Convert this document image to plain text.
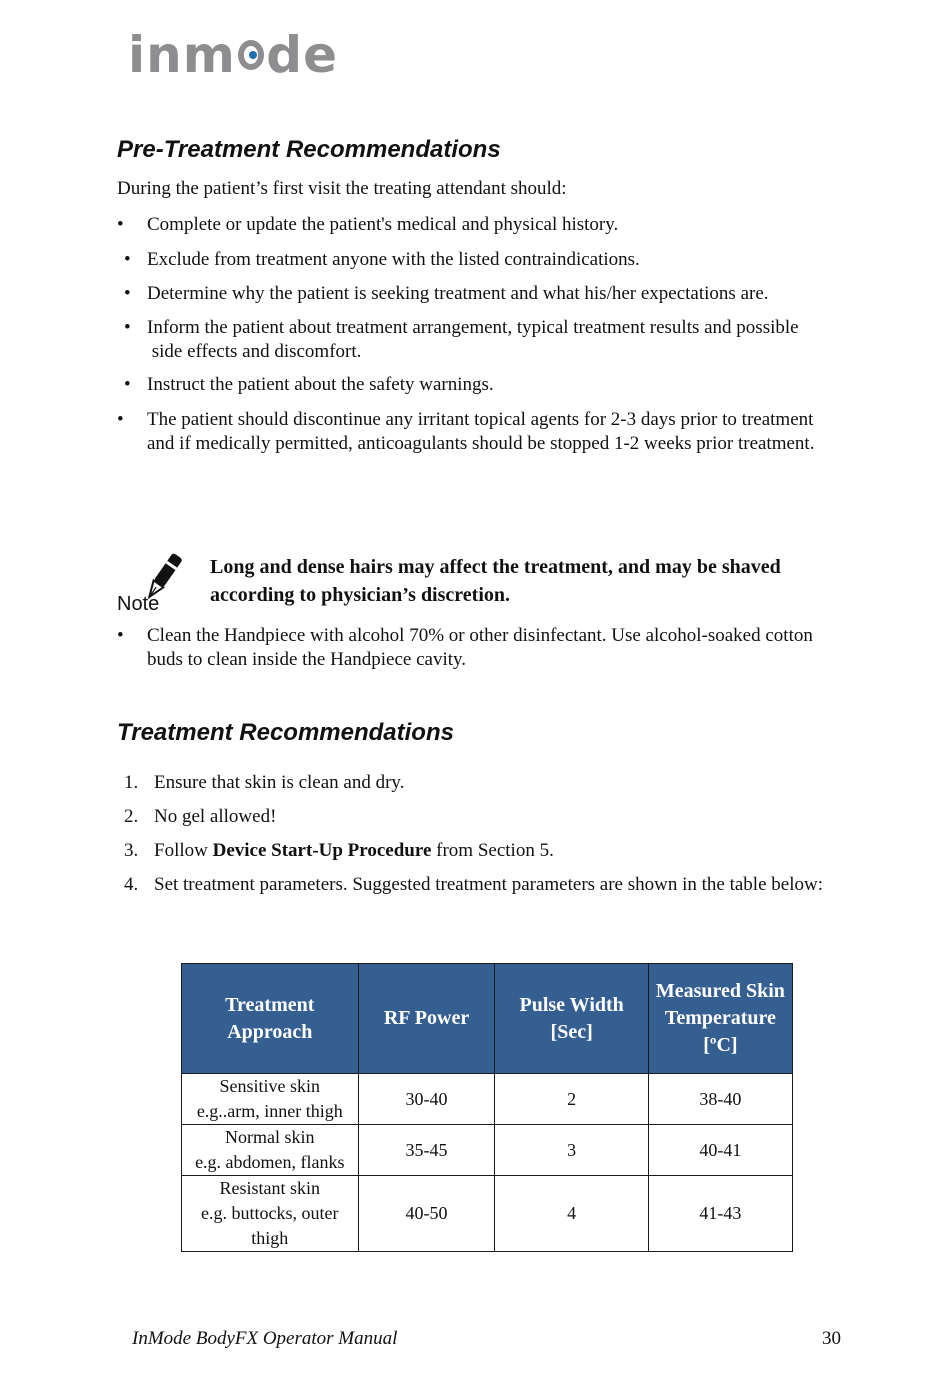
inm de
Pre-Treatment Recommendations

During the patient’s first visit the treating attendant should:

• Complete or update the patient's medical and physical history.
• Exclude from treatment anyone with the listed contraindications.
• Determine why the patient is seeking treatment and what his/her expectations are.
• Inform the patient about treatment arrangement, typical treatment results and possible
side effects and discomfort.
• Instruct the patient about the safety warnings.
• The patient should discontinue any irritant topical agents for 2-3 days prior to treatment and if medically permitted, anticoagulants should be stopped 1-2 weeks prior treatment.
Note
Long and dense hairs may affect the treatment, and may be shaved according to physician’s discretion.
• Clean the Handpiece with alcohol 70% or other disinfectant. Use alcohol-soaked cotton buds to clean inside the Handpiece cavity.
Treatment Recommendations
1. Ensure that skin is clean and dry.
2. No gel allowed!
3. Follow Device Start-Up Procedure from Section 5.
4. Set treatment parameters. Suggested treatment parameters are shown in the table below:
Treatment Approach	RF Power	Pulse Width [Sec]	Measured Skin Temperature [ºC]

Sensitive skin
e.g..arm, inner thigh	30-40	2	38-40

Normal skin
e.g. abdomen, flanks	35-45	3	40-41

Resistant skin
e.g. buttocks, outer thigh	40-50	4	41-43
InMode BodyFX Operator Manual	30
